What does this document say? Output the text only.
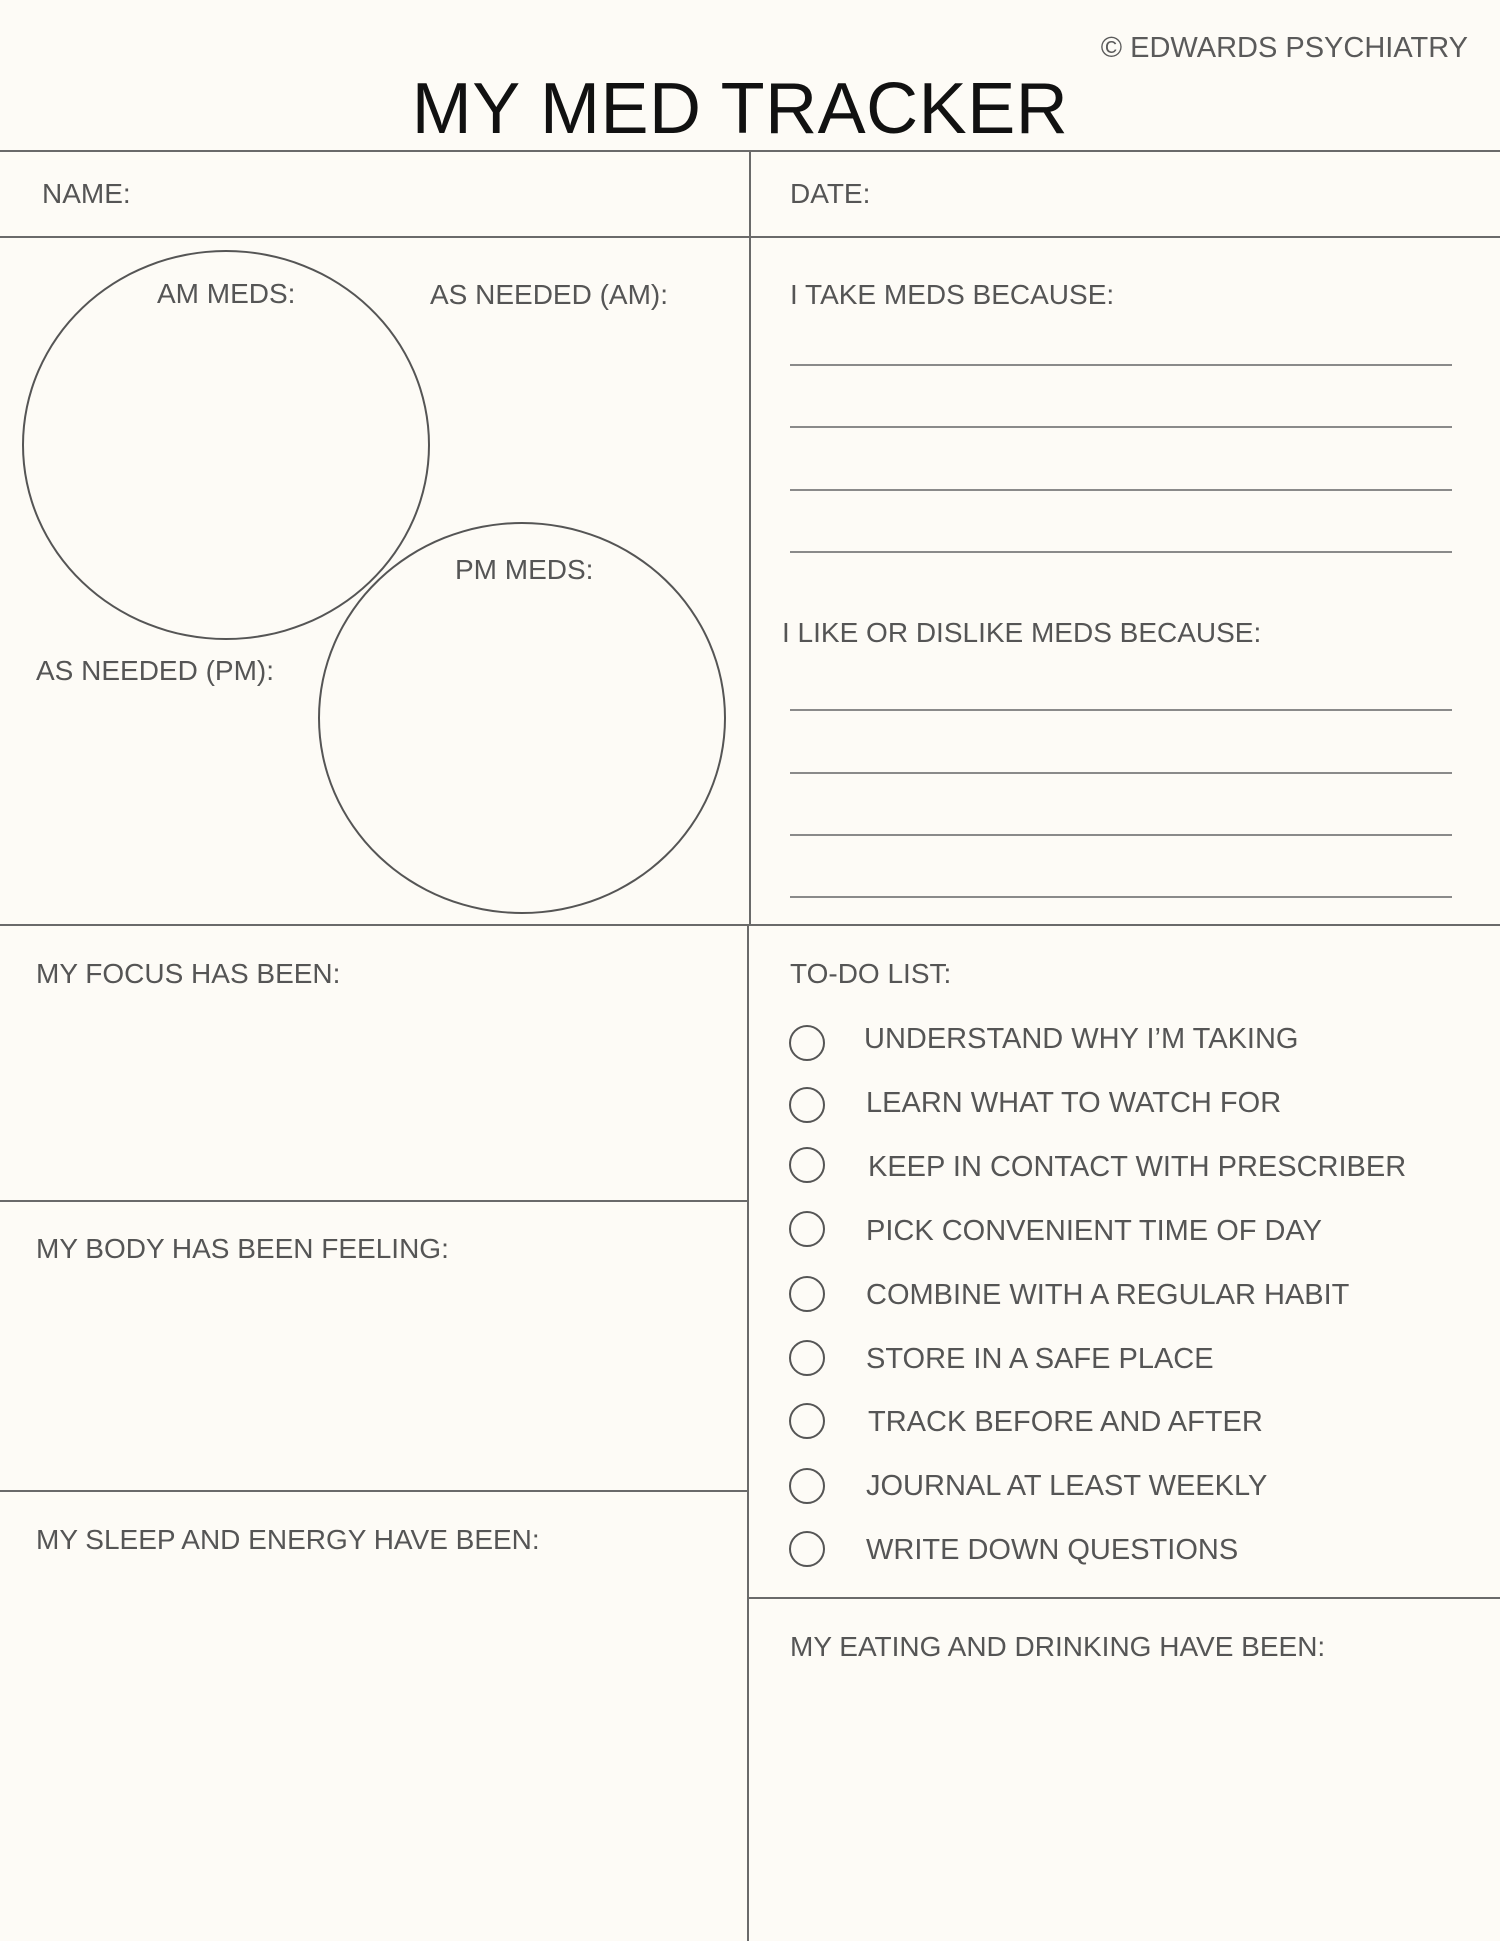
© EDWARDS PSYCHIATRY
MY MED TRACKER
NAME:	DATE:
AM MEDS:	AS NEEDED (AM):
PM MEDS:
AS NEEDED (PM):
I TAKE MEDS BECAUSE:
I LIKE OR DISLIKE MEDS BECAUSE:
MY FOCUS HAS BEEN:
MY BODY HAS BEEN FEELING:
MY SLEEP AND ENERGY HAVE BEEN:
TO-DO LIST:
UNDERSTAND WHY I’M TAKING
LEARN WHAT TO WATCH FOR
KEEP IN CONTACT WITH PRESCRIBER
PICK CONVENIENT TIME OF DAY
COMBINE WITH A REGULAR HABIT
STORE IN A SAFE PLACE
TRACK BEFORE AND AFTER
JOURNAL AT LEAST WEEKLY
WRITE DOWN QUESTIONS
MY EATING AND DRINKING HAVE BEEN:
